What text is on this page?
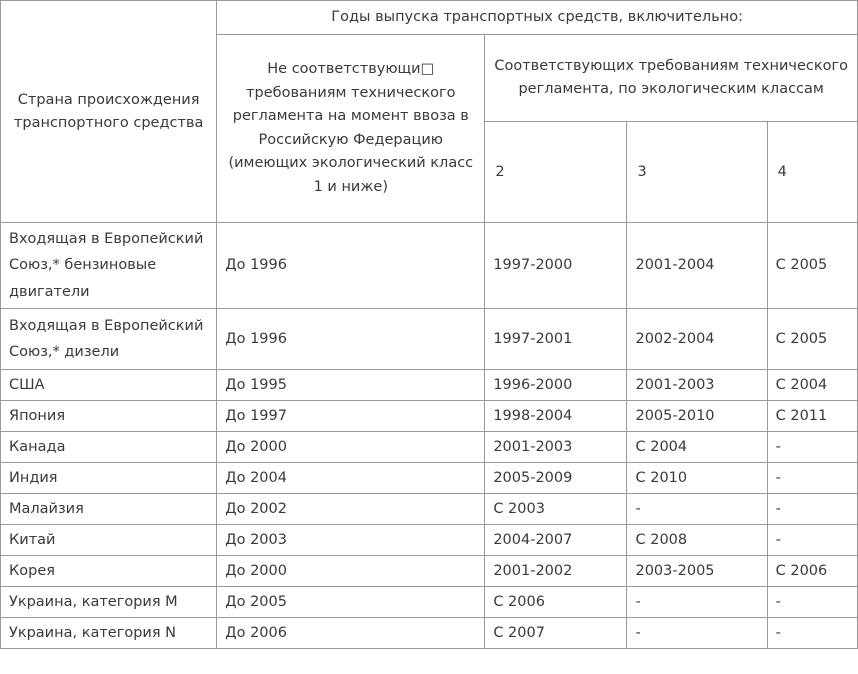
Страна происхождения транспортного средства	Годы выпуска транспортных средств, включительно:			
	Не соответствующи□ требованиям технического регламента на момент ввоза в Российскую Федерацию (имеющих экологический класс 1 и ниже)	Соответствующих требованиям технического регламента, по экологическим классам		
		2	3	4
Входящая в Европейский Союз,* бензиновые двигатели	До 1996	1997-2000	2001-2004	С 2005
Входящая в Европейский Союз,* дизели	До 1996	1997-2001	2002-2004	С 2005
США	До 1995	1996-2000	2001-2003	С 2004
Япония	До 1997	1998-2004	2005-2010	С 2011
Канада	До 2000	2001-2003	С 2004	-
Индия	До 2004	2005-2009	С 2010	-
Малайзия	До 2002	С 2003	-	-
Китай	До 2003	2004-2007	С 2008	-
Корея	До 2000	2001-2002	2003-2005	С 2006
Украина, категория М	До 2005	С 2006	-	-
Украина, категория N	До 2006	С 2007	-	-
